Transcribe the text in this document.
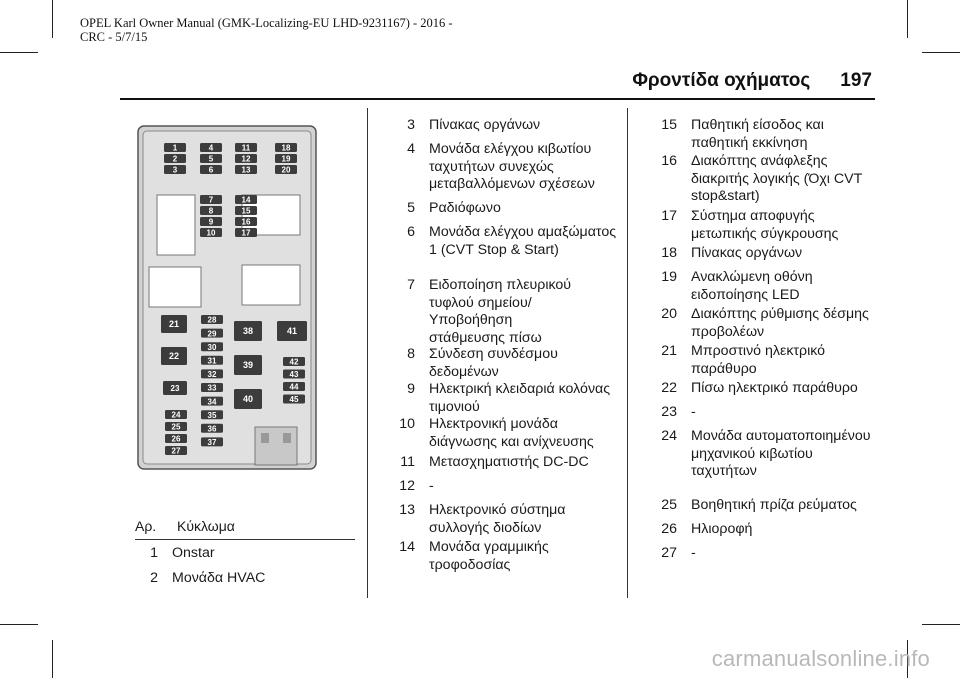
OPEL Karl Owner Manual (GMK-Localizing-EU LHD-9231167) - 2016 -
CRC - 5/7/15
Φροντίδα οχήματος 197
1
2
3
4
5
6
11
12
13
18
19
20
7
8
9
10
14
15
16
17
21
22
23
24
25
26
27
28
29
30
31
32
33
34
35
36
37
38
39
40
41
42
43
44
45
Αρ. Κύκλωμα
1 Onstar
2 Μονάδα HVAC
3 Πίνακας οργάνων
4 Μονάδα ελέγχου κιβωτίου ταχυτήτων συνεχώς μεταβαλλόμενων σχέσεων
5 Ραδιόφωνο
6 Μονάδα ελέγχου αμαξώματος 1 (CVT Stop & Start)
7 Ειδοποίηση πλευρικού τυφλού σημείου/ Υποβοήθηση στάθμευσης πίσω
8 Σύνδεση συνδέσμου δεδομένων
9 Ηλεκτρική κλειδαριά κολόνας τιμονιού
10 Ηλεκτρονική μονάδα διάγνωσης και ανίχνευσης
11 Μετασχηματιστής DC-DC
12 -
13 Ηλεκτρονικό σύστημα συλλογής διοδίων
14 Μονάδα γραμμικής τροφοδοσίας
15 Παθητική είσοδος και παθητική εκκίνηση
16 Διακόπτης ανάφλεξης διακριτής λογικής (Όχι CVT stop&start)
17 Σύστημα αποφυγής μετωπικής σύγκρουσης
18 Πίνακας οργάνων
19 Ανακλώμενη οθόνη ειδοποίησης LED
20 Διακόπτης ρύθμισης δέσμης προβολέων
21 Μπροστινό ηλεκτρικό παράθυρο
22 Πίσω ηλεκτρικό παράθυρο
23 -
24 Μονάδα αυτοματοποιημένου μηχανικού κιβωτίου ταχυτήτων
25 Βοηθητική πρίζα ρεύματος
26 Ηλιοροφή
27 -
carmanualsonline.info
